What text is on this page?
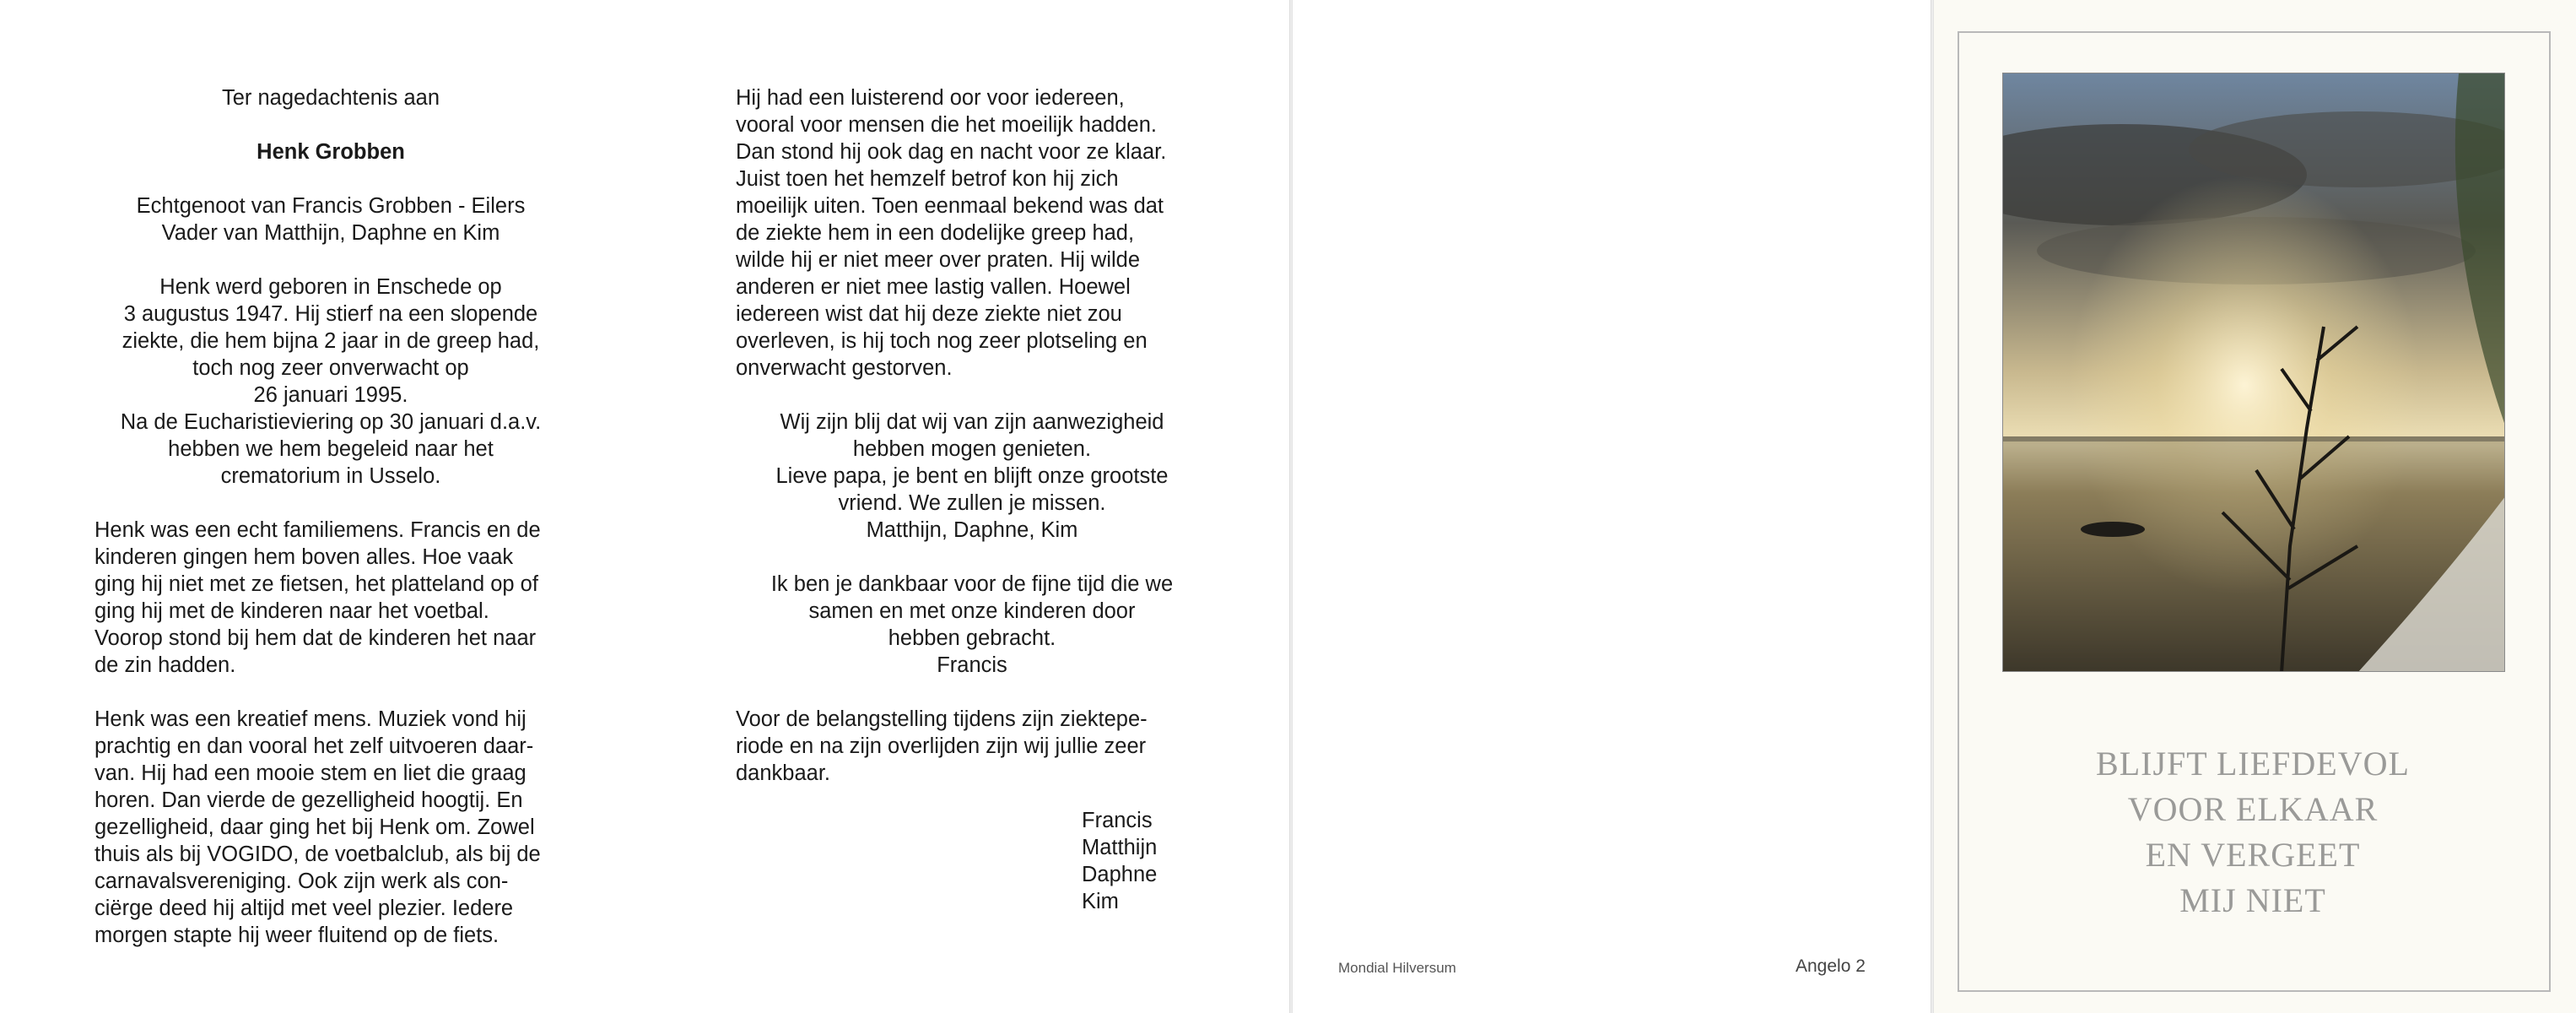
Ter nagedachtenis aan
Henk Grobben
Echtgenoot van Francis Grobben - Eilers
Vader van Matthijn, Daphne en Kim
Henk werd geboren in Enschede op
3 augustus 1947. Hij stierf na een slopende
ziekte, die hem bijna 2 jaar in de greep had,
toch nog zeer onverwacht op
26 januari 1995.
Na de Eucharistieviering op 30 januari d.a.v.
hebben we hem begeleid naar het
crematorium in Usselo.
Henk was een echt familiemens. Francis en de
kinderen gingen hem boven alles. Hoe vaak
ging hij niet met ze fietsen, het platteland op of
ging hij met de kinderen naar het voetbal.
Voorop stond bij hem dat de kinderen het naar
de zin hadden.
Henk was een kreatief mens. Muziek vond hij
prachtig en dan vooral het zelf uitvoeren daar-
van. Hij had een mooie stem en liet die graag
horen. Dan vierde de gezelligheid hoogtij. En
gezelligheid, daar ging het bij Henk om. Zowel
thuis als bij VOGIDO, de voetbalclub, als bij de
carnavalsvereniging. Ook zijn werk als con-
ciërge deed hij altijd met veel plezier. Iedere
morgen stapte hij weer fluitend op de fiets.
Hij had een luisterend oor voor iedereen,
vooral voor mensen die het moeilijk hadden.
Dan stond hij ook dag en nacht voor ze klaar.
Juist toen het hemzelf betrof kon hij zich
moeilijk uiten. Toen eenmaal bekend was dat
de ziekte hem in een dodelijke greep had,
wilde hij er niet meer over praten. Hij wilde
anderen er niet mee lastig vallen. Hoewel
iedereen wist dat hij deze ziekte niet zou
overleven, is hij toch nog zeer plotseling en
onverwacht gestorven.
Wij zijn blij dat wij van zijn aanwezigheid
hebben mogen genieten.
Lieve papa, je bent en blijft onze grootste
vriend. We zullen je missen.
Matthijn, Daphne, Kim
Ik ben je dankbaar voor de fijne tijd die we
samen en met onze kinderen door
hebben gebracht.
Francis
Voor de belangstelling tijdens zijn ziektepe-
riode en na zijn overlijden zijn wij jullie zeer
dankbaar.
Francis
Matthijn
Daphne
Kim
Mondial Hilversum	Angelo 2
BLIJFT LIEFDEVOL
VOOR ELKAAR
EN VERGEET
MIJ NIET
